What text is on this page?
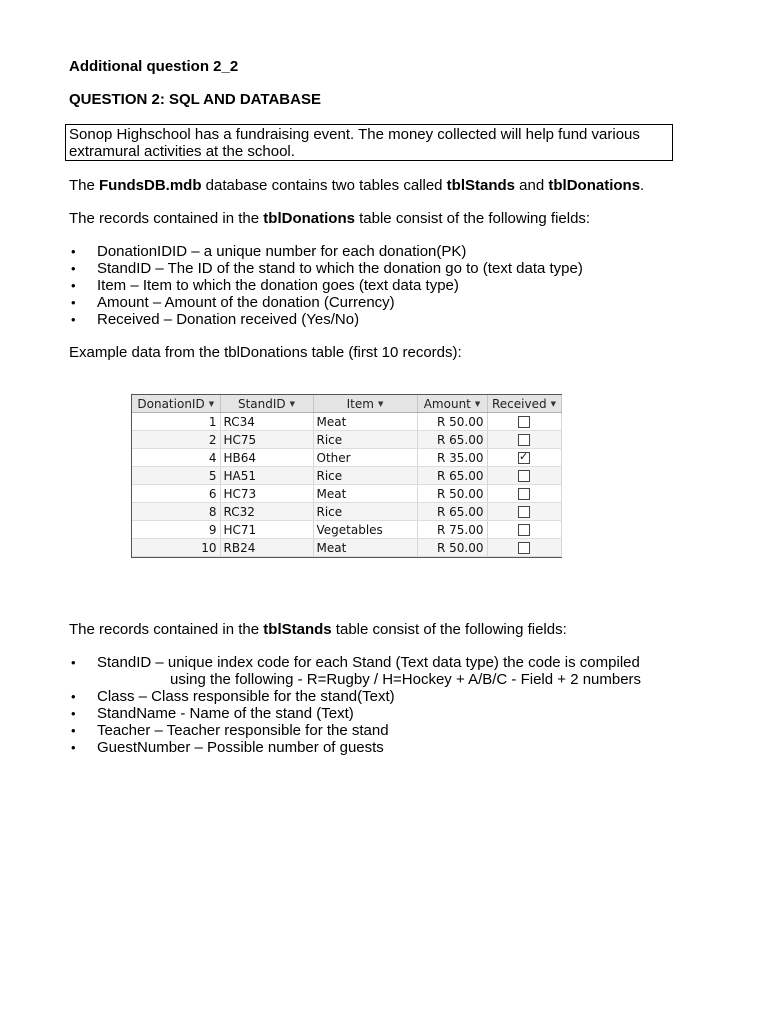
Additional question 2_2
QUESTION 2: SQL AND DATABASE
Sonop Highschool has a fundraising event. The money collected will help fund various extramural activities at the school.

The FundsDB.mdb database contains two tables called tblStands and tblDonations.

The records contained in the tblDonations table consist of the following fields:

• DonationIDID – a unique number for each donation(PK)
• StandID – The ID of the stand to which the donation go to (text data type)
• Item – Item to which the donation goes (text data type)
• Amount – Amount of the donation (Currency)
• Received – Donation received (Yes/No)

Example data from the tblDonations table (first 10 records):

The records contained in the tblStands table consist of the following fields:

• StandID – unique index code for each Stand (Text data type) the code is compiled
using the following - R=Rugby / H=Hockey + A/B/C - Field + 2 numbers
• Class – Class responsible for the stand(Text)
• StandName - Name of the stand (Text)
• Teacher – Teacher responsible for the stand
• GuestNumber – Possible number of guests
DonationID ▼	StandID ▼	Item ▼	Amount ▼	Received ▼
1	RC34	Meat	R 50.00	
2	HC75	Rice	R 65.00	
4	HB64	Other	R 35.00	✓
5	HA51	Rice	R 65.00	
6	HC73	Meat	R 50.00	
8	RC32	Rice	R 65.00	
9	HC71	Vegetables	R 75.00	
10	RB24	Meat	R 50.00	
